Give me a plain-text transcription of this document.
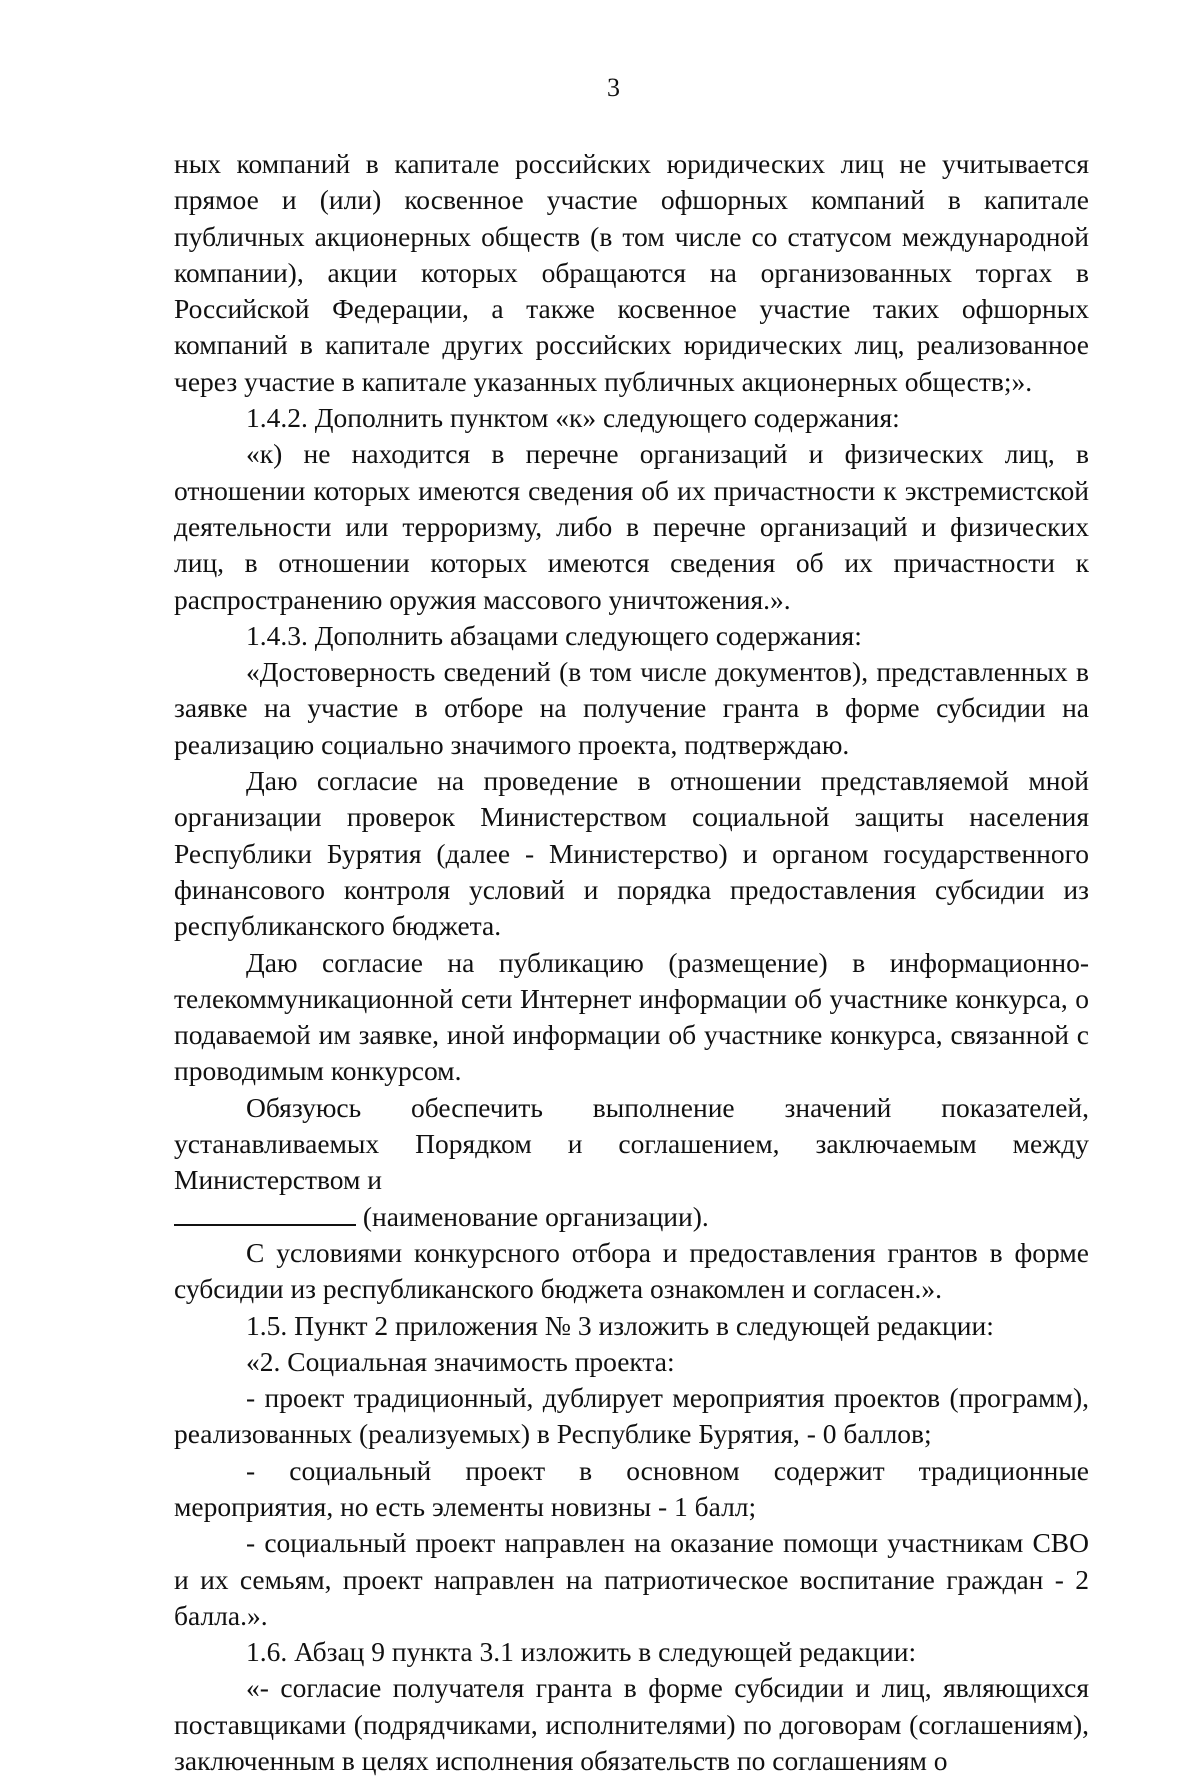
3

ных компаний в капитале российских юридических лиц не учитывается прямое и (или) косвенное участие офшорных компаний в капитале публичных акционерных обществ (в том числе со статусом международной компании), акции которых обращаются на организованных торгах в Российской Федерации, а также косвенное участие таких офшорных компаний в капитале других российских юридических лиц, реализованное через участие в капитале указанных публичных акционерных обществ;».

1.4.2. Дополнить пунктом «к» следующего содержания:

«к) не находится в перечне организаций и физических лиц, в отношении которых имеются сведения об их причастности к экстремистской деятельности или терроризму, либо в перечне организаций и физических лиц, в отношении которых имеются сведения об их причастности к распространению оружия массового уничтожения.».

1.4.3. Дополнить абзацами следующего содержания:

«Достоверность сведений (в том числе документов), представленных в заявке на участие в отборе на получение гранта в форме субсидии на реализацию социально значимого проекта, подтверждаю.

Даю согласие на проведение в отношении представляемой мной организации проверок Министерством социальной защиты населения Республики Бурятия (далее - Министерство) и органом государственного финансового контроля условий и порядка предоставления субсидии из республиканского бюджета.

Даю согласие на публикацию (размещение) в информационно-телекоммуникационной сети Интернет информации об участнике конкурса, о подаваемой им заявке, иной информации об участнике конкурса, связанной с проводимым конкурсом.

Обязуюсь обеспечить выполнение значений показателей, устанавливаемых Порядком и соглашением, заключаемым между Министерством и

(наименование организации).

С условиями конкурсного отбора и предоставления грантов в форме субсидии из республиканского бюджета ознакомлен и согласен.».

1.5. Пункт 2 приложения № 3 изложить в следующей редакции:

«2. Социальная значимость проекта:

- проект традиционный, дублирует мероприятия проектов (программ), реализованных (реализуемых) в Республике Бурятия, - 0 баллов;

- социальный проект в основном содержит традиционные мероприятия, но есть элементы новизны - 1 балл;

- социальный проект направлен на оказание помощи участникам СВО и их семьям, проект направлен на патриотическое воспитание граждан - 2 балла.».

1.6. Абзац 9 пункта 3.1 изложить в следующей редакции:

«- согласие получателя гранта в форме субсидии и лиц, являющихся поставщиками (подрядчиками, исполнителями) по договорам (соглашениям), заключенным в целях исполнения обязательств по соглашениям о
